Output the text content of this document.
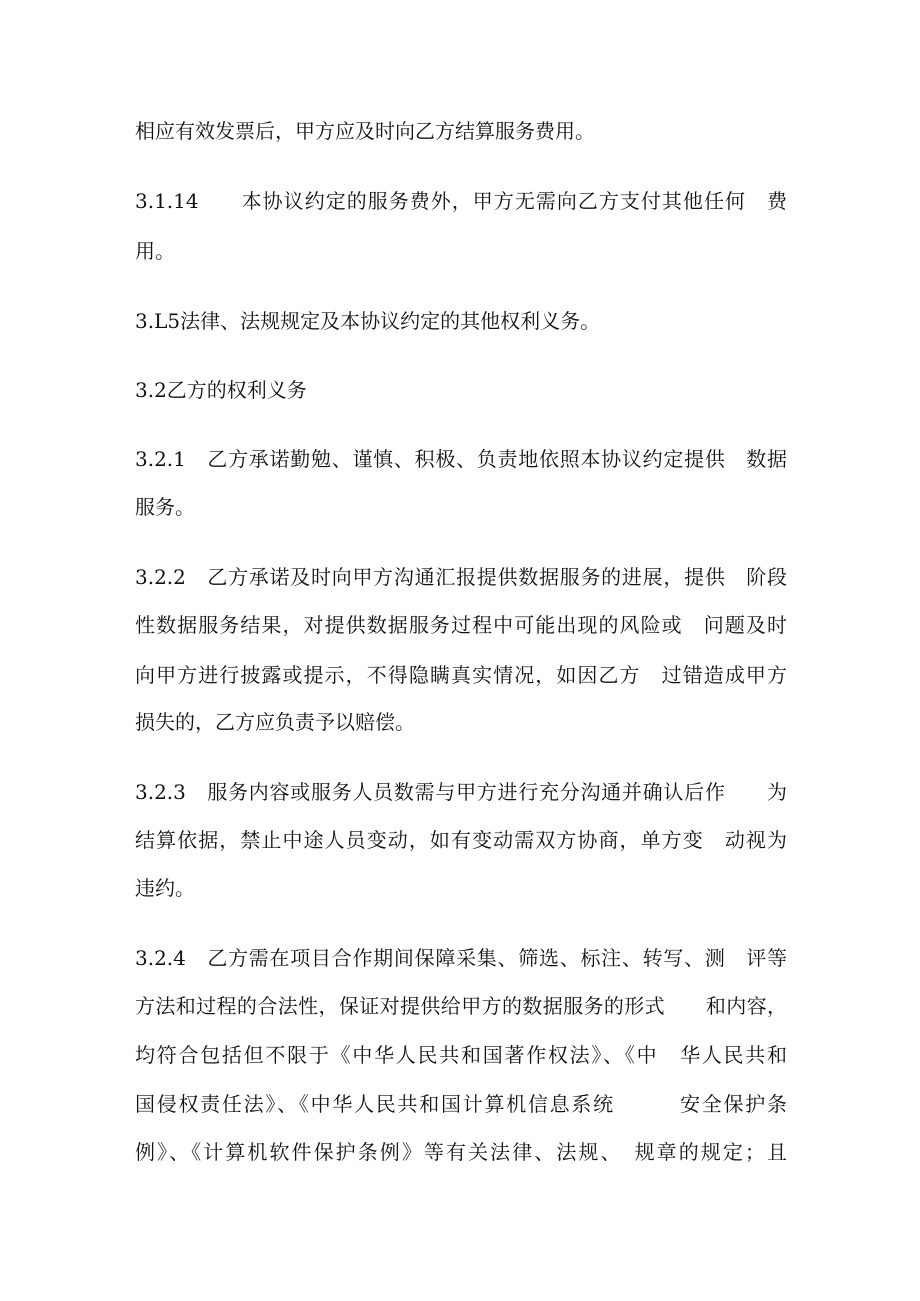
相应有效发票后，甲方应及时向乙方结算服务费用。
3.1.14　　本协议约定的服务费外，甲方无需向乙方支付其他任何　费
用。
3.L5法律、法规规定及本协议约定的其他权利义务。
3.2乙方的权利义务
3.2.1　乙方承诺勤勉、谨慎、积极、负责地依照本协议约定提供　数据
服务。
3.2.2　乙方承诺及时向甲方沟通汇报提供数据服务的进展，提供　阶段
性数据服务结果，对提供数据服务过程中可能出现的风险或　问题及时
向甲方进行披露或提示，不得隐瞒真实情况，如因乙方　过错造成甲方
损失的，乙方应负责予以赔偿。
3.2.3　服务内容或服务人员数需与甲方进行充分沟通并确认后作　　为
结算依据，禁止中途人员变动，如有变动需双方协商，单方变　动视为
违约。
3.2.4　乙方需在项目合作期间保障采集、筛选、标注、转写、测　评等
方法和过程的合法性，保证对提供给甲方的数据服务的形式　　和内容，
均符合包括但不限于《中华人民共和国著作权法》、《中　华人民共和
国侵权责任法》、《中华人民共和国计算机信息系统　　　安全保护条
例》、《计算机软件保护条例》等有关法律、法规、　规章的规定；且
